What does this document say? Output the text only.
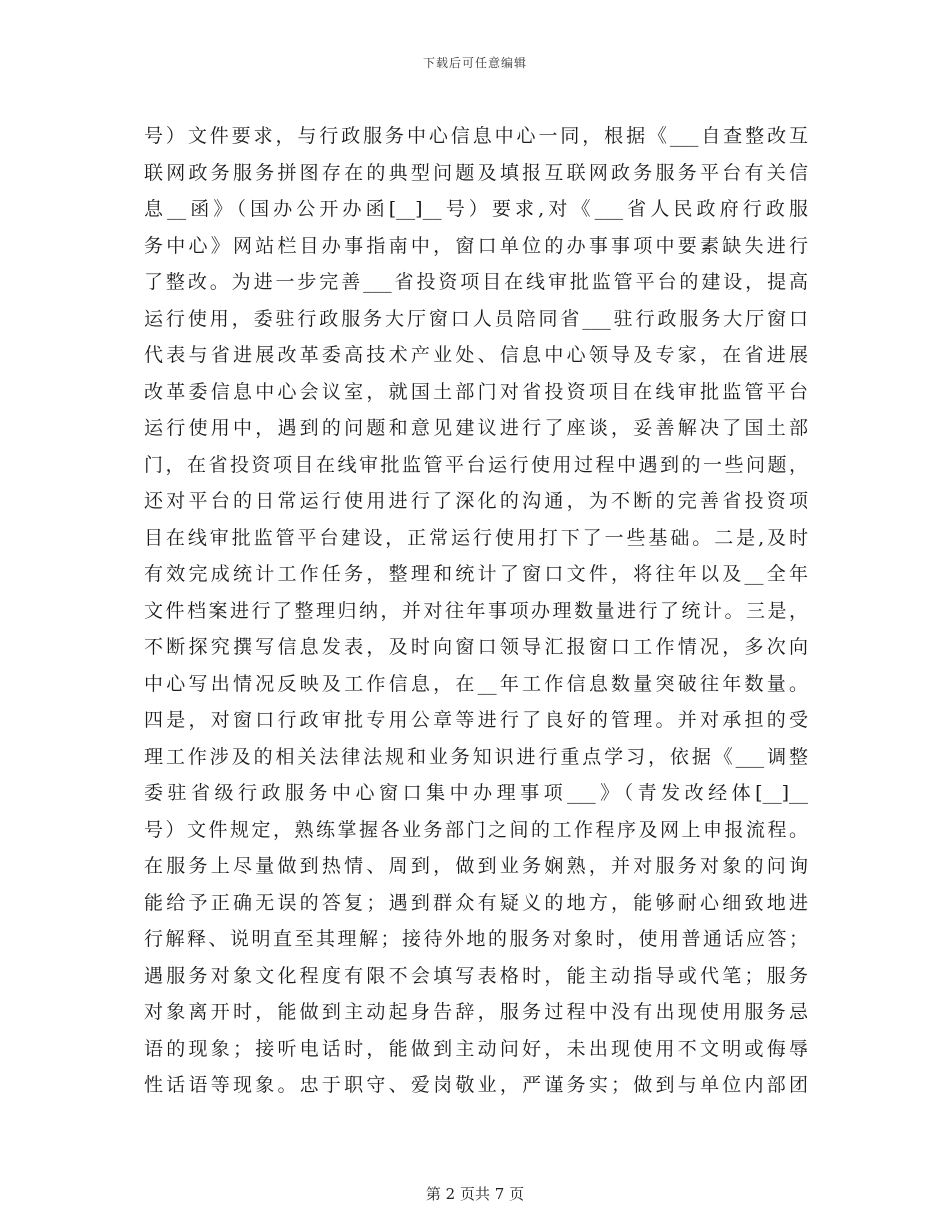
下载后可任意编辑
号）文件要求，与行政服务中心信息中心一同，根据《___自查整改互
联网政务服务拼图存在的典型问题及填报互联网政务服务平台有关信
息__函》（国办公开办函[__]__号）要求,对《___省人民政府行政服
务中心》网站栏目办事指南中，窗口单位的办事事项中要素缺失进行
了整改。为进一步完善___省投资项目在线审批监管平台的建设，提高
运行使用，委驻行政服务大厅窗口人员陪同省___驻行政服务大厅窗口
代表与省进展改革委高技术产业处、信息中心领导及专家，在省进展
改革委信息中心会议室，就国土部门对省投资项目在线审批监管平台
运行使用中，遇到的问题和意见建议进行了座谈，妥善解决了国土部
门，在省投资项目在线审批监管平台运行使用过程中遇到的一些问题，
还对平台的日常运行使用进行了深化的沟通，为不断的完善省投资项
目在线审批监管平台建设，正常运行使用打下了一些基础。二是,及时
有效完成统计工作任务，整理和统计了窗口文件，将往年以及__全年
文件档案进行了整理归纳，并对往年事项办理数量进行了统计。三是，
不断探究撰写信息发表，及时向窗口领导汇报窗口工作情况，多次向
中心写出情况反映及工作信息，在__年工作信息数量突破往年数量。
四是，对窗口行政审批专用公章等进行了良好的管理。并对承担的受
理工作涉及的相关法律法规和业务知识进行重点学习，依据《___调整
委驻省级行政服务中心窗口集中办理事项___》（青发改经体[__]__
号）文件规定，熟练掌握各业务部门之间的工作程序及网上申报流程。
在服务上尽量做到热情、周到，做到业务娴熟，并对服务对象的问询
能给予正确无误的答复；遇到群众有疑义的地方，能够耐心细致地进
行解释、说明直至其理解；接待外地的服务对象时，使用普通话应答；
遇服务对象文化程度有限不会填写表格时，能主动指导或代笔；服务
对象离开时，能做到主动起身告辞，服务过程中没有出现使用服务忌
语的现象；接听电话时，能做到主动问好，未出现使用不文明或侮辱
性话语等现象。忠于职守、爱岗敬业，严谨务实；做到与单位内部团
第 2 页共 7 页
